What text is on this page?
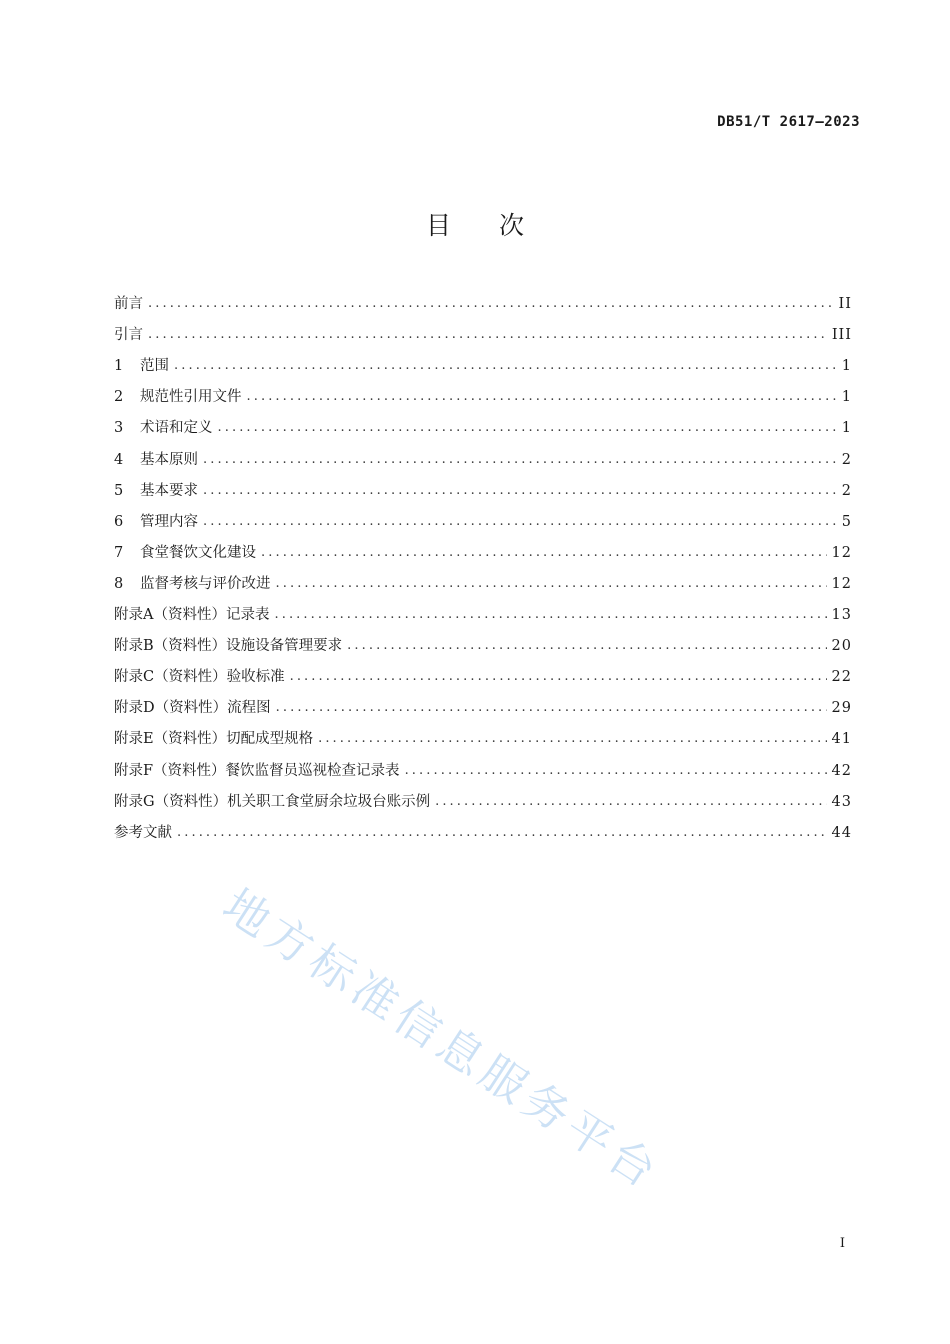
DB51/T 2617—2023
目次
前言 .....	II
引言 .....	III
1	范围 .....	1
2	规范性引用文件 .....	1
3	术语和定义 .....	1
4	基本原则 .....	2
5	基本要求 .....	2
6	管理内容 .....	5
7	食堂餐饮文化建设 .....	12
8	监督考核与评价改进 .....	12
附录A（资料性）记录表 .....	13
附录B（资料性）设施设备管理要求 .....	20
附录C（资料性）验收标准 .....	22
附录D（资料性）流程图 .....	29
附录E（资料性）切配成型规格 .....	41
附录F（资料性）餐饮监督员巡视检查记录表 .....	42
附录G（资料性）机关职工食堂厨余垃圾台账示例 .....	43
参考文献 .....	44
地方标准信息服务平台
I
